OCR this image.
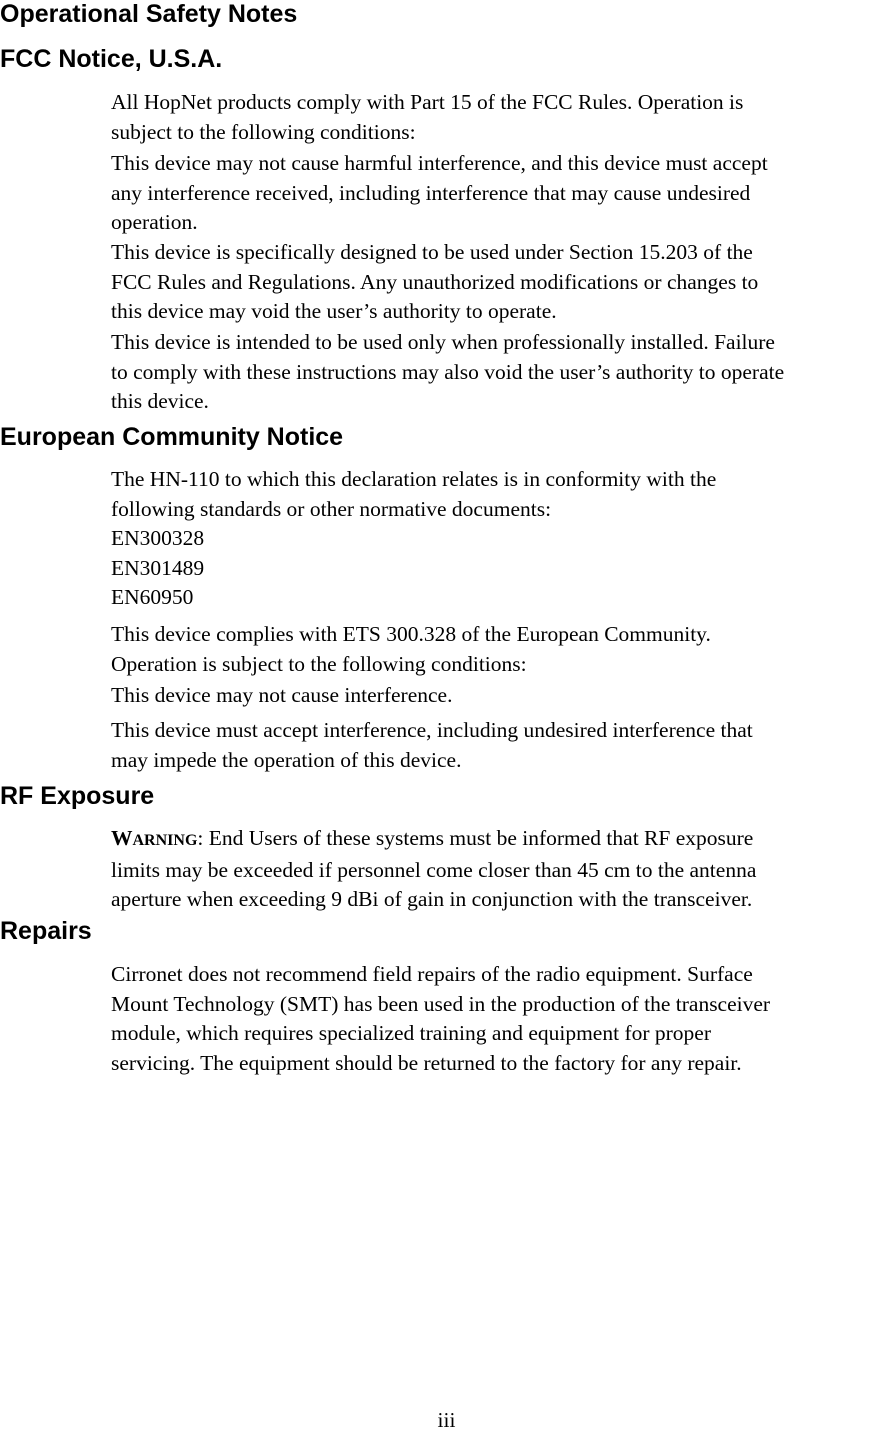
Operational Safety Notes
FCC Notice, U.S.A.
All HopNet products comply with Part 15 of the FCC Rules. Operation is
subject to the following conditions:
This device may not cause harmful interference, and this device must accept
any interference received, including interference that may cause undesired
operation.
This device is specifically designed to be used under Section 15.203 of the
FCC Rules and Regulations. Any unauthorized modifications or changes to
this device may void the user’s authority to operate.
This device is intended to be used only when professionally installed. Failure
to comply with these instructions may also void the user’s authority to operate
this device.
European Community Notice
The HN-110 to which this declaration relates is in conformity with the
following standards or other normative documents:
EN300328
EN301489
EN60950
This device complies with ETS 300.328 of the European Community.
Operation is subject to the following conditions:
This device may not cause interference.
This device must accept interference, including undesired interference that
may impede the operation of this device.
RF Exposure
WARNING: End Users of these systems must be informed that RF exposure
limits may be exceeded if personnel come closer than 45 cm to the antenna
aperture when exceeding 9 dBi of gain in conjunction with the transceiver.
Repairs
Cirronet does not recommend field repairs of the radio equipment. Surface
Mount Technology (SMT) has been used in the production of the transceiver
module, which requires specialized training and equipment for proper
servicing. The equipment should be returned to the factory for any repair.
iii
